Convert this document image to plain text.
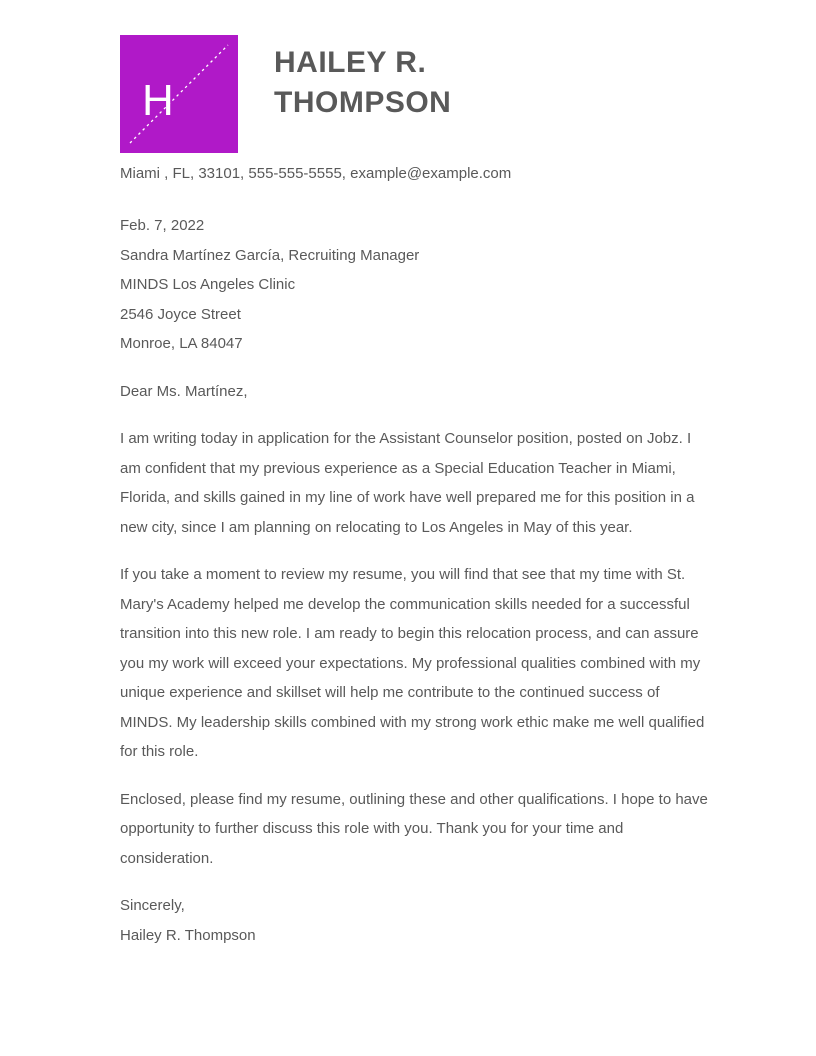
H
HAILEY R.
THOMPSON
Miami , FL, 33101, 555-555-5555, example@example.com
Feb. 7, 2022
Sandra Martínez García, Recruiting Manager
MINDS Los Angeles Clinic
2546 Joyce Street
Monroe, LA 84047
Dear Ms. Martínez,

I am writing today in application for the Assistant Counselor position, posted on Jobz. I am confident that my previous experience as a Special Education Teacher in Miami, Florida, and skills gained in my line of work have well prepared me for this position in a new city, since I am planning on relocating to Los Angeles in May of this year.

If you take a moment to review my resume, you will find that see that my time with St. Mary's Academy helped me develop the communication skills needed for a successful transition into this new role. I am ready to begin this relocation process, and can assure you my work will exceed your expectations. My professional qualities combined with my unique experience and skillset will help me contribute to the continued success of MINDS. My leadership skills combined with my strong work ethic make me well qualified for this role.

Enclosed, please find my resume, outlining these and other qualifications. I hope to have opportunity to further discuss this role with you. Thank you for your time and consideration.

Sincerely,
Hailey R. Thompson
